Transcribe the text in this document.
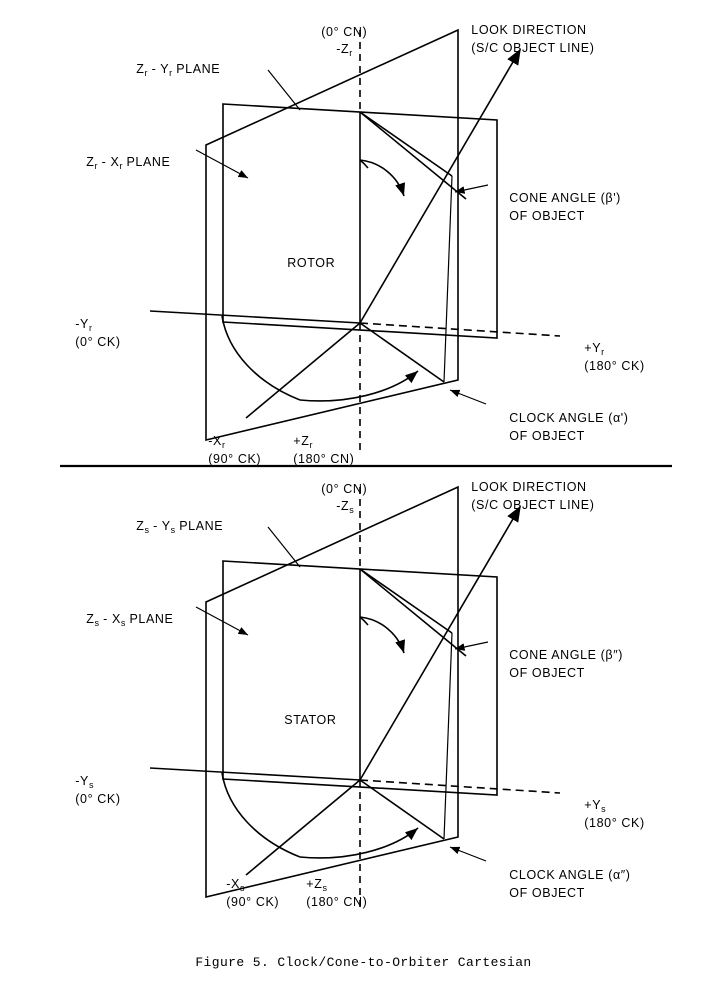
(0° CN)

$-Z_r$

LOOK DIRECTION

(S/C OBJECT LINE)

$Z_r - Y_r$ PLANE

$Z_r - X_r$ PLANE

CONE ANGLE (β')

OF OBJECT

ROTOR

$-Y_r$

(0° CK)
	$+Y_r$

(180° CK)

CLOCK ANGLE (α')

OF OBJECT

$-X_r$

(90° CK)

$+Z_r$

(180° CN)

(0° CN)

$-Z_s$

LOOK DIRECTION

(S/C OBJECT LINE)

$Z_s - Y_s$ PLANE

$Z_s - X_s$ PLANE

CONE ANGLE (β″)

OF OBJECT

STATOR

$-Y_s$

(0° CK)
	$+Y_s$

(180° CK)

CLOCK ANGLE (α″)

OF OBJECT

$-X_s$

(90° CK)

$+Z_s$

(180° CN)

Figure 5. Clock/Cone-to-Orbiter Cartesian
